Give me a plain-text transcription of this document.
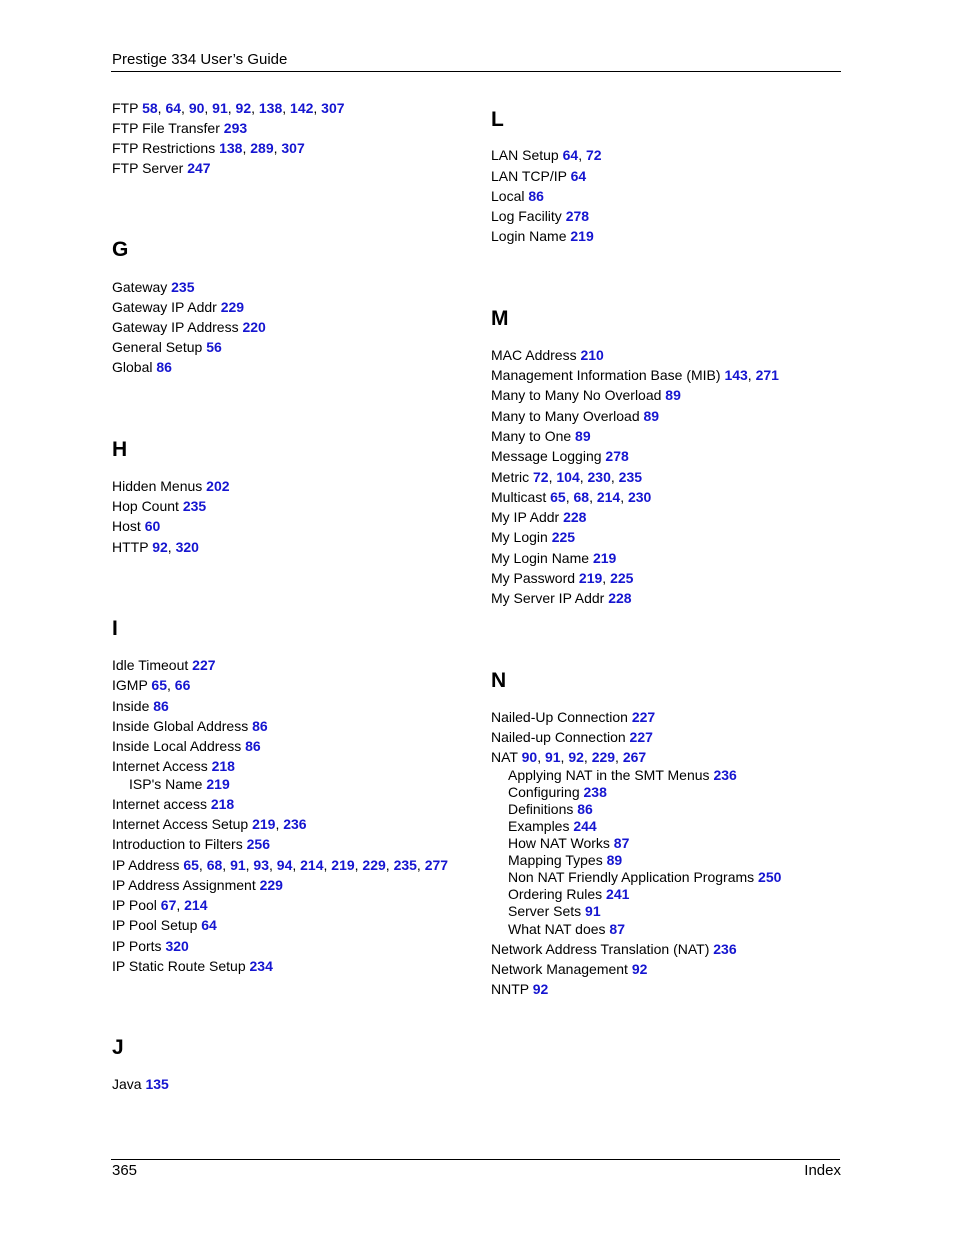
Prestige 334 User’s Guide
FTP 58, 64, 90, 91, 92, 138, 142, 307
FTP File Transfer 293
FTP Restrictions 138, 289, 307
FTP Server 247
G
Gateway 235
Gateway IP Addr 229
Gateway IP Address 220
General Setup 56
Global 86
H
Hidden Menus 202
Hop Count 235
Host 60
HTTP 92, 320
I
Idle Timeout 227
IGMP 65, 66
Inside 86
Inside Global Address 86
Inside Local Address 86
Internet Access 218
ISP's Name 219
Internet access 218
Internet Access Setup 219, 236
Introduction to Filters 256
IP Address 65, 68, 91, 93, 94, 214, 219, 229, 235, 277
IP Address Assignment 229
IP Pool 67, 214
IP Pool Setup 64
IP Ports 320
IP Static Route Setup 234
J
Java 135
L
LAN Setup 64, 72
LAN TCP/IP 64
Local 86
Log Facility 278
Login Name 219
M
MAC Address 210
Management Information Base (MIB) 143, 271
Many to Many No Overload 89
Many to Many Overload 89
Many to One 89
Message Logging 278
Metric 72, 104, 230, 235
Multicast 65, 68, 214, 230
My IP Addr 228
My Login 225
My Login Name 219
My Password 219, 225
My Server IP Addr 228
N
Nailed-Up Connection 227
Nailed-up Connection 227
NAT 90, 91, 92, 229, 267
Applying NAT in the SMT Menus 236
Configuring 238
Definitions 86
Examples 244
How NAT Works 87
Mapping Types 89
Non NAT Friendly Application Programs 250
Ordering Rules 241
Server Sets 91
What NAT does 87
Network Address Translation (NAT) 236
Network Management 92
NNTP 92
365	Index
